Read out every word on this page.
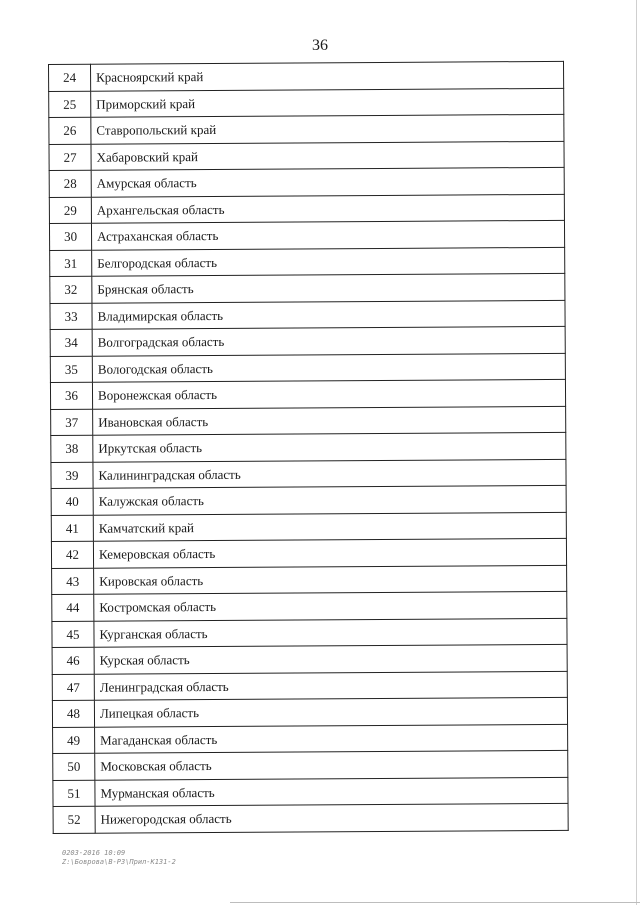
36
24	Красноярский край
25	Приморский край
26	Ставропольский край
27	Хабаровский край
28	Амурская область
29	Архангельская область
30	Астраханская область
31	Белгородская область
32	Брянская область
33	Владимирская область
34	Волгоградская область
35	Вологодская область
36	Воронежская область
37	Ивановская область
38	Иркутская область
39	Калининградская область
40	Калужская область
41	Камчатский край
42	Кемеровская область
43	Кировская область
44	Костромская область
45	Курганская область
46	Курская область
47	Ленинградская область
48	Липецкая область
49	Магаданская область
50	Московская область
51	Мурманская область
52	Нижегородская область
0203-2016 10:09
Z:\Боврова\В-РЗ\Прил-К131-2
